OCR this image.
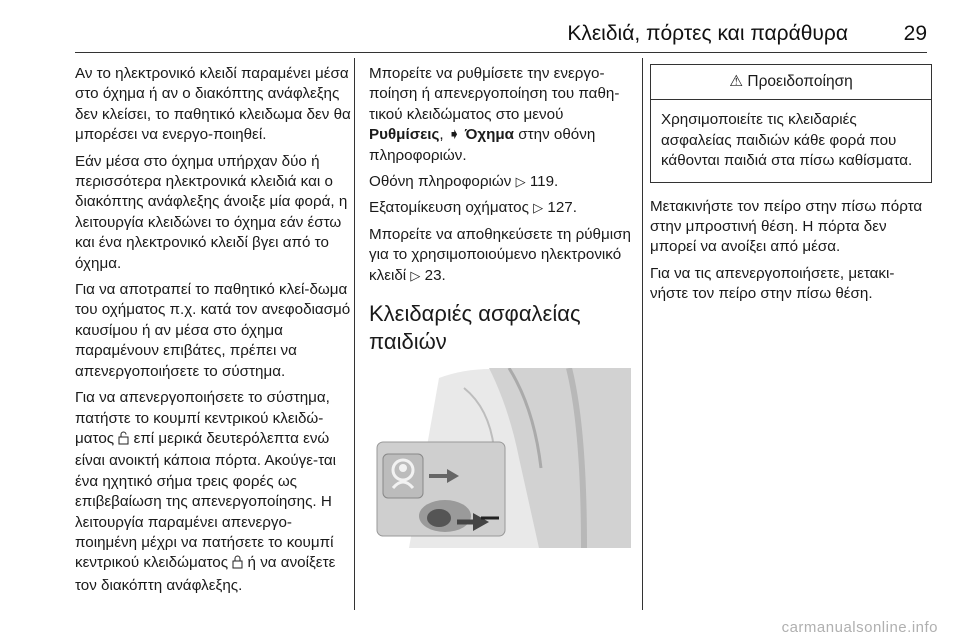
Κλειδιά, πόρτες και παράθυρα	29

Αν το ηλεκτρονικό κλειδί παραμένει μέσα στο όχημα ή αν ο διακόπτης ανάφλεξης δεν κλείσει, το παθητικό κλειδωμα δεν θα μπορέσει να ενεργο-ποιηθεί.

Εάν μέσα στο όχημα υπήρχαν δύο ή περισσότερα ηλεκτρονικά κλειδιά και ο διακόπτης ανάφλεξης άνοιξε μία φορά, η λειτουργία κλειδώνει το όχημα εάν έστω και ένα ηλεκτρονικό κλειδί βγει από το όχημα.

Για να αποτραπεί το παθητικό κλεί-δωμα του οχήματος π.χ. κατά τον ανεφοδιασμό καυσίμου ή αν μέσα στο όχημα παραμένουν επιβάτες, πρέπει να απενεργοποιήσετε το σύστημα.

Για να απενεργοποιήσετε το σύστημα, πατήστε το κουμπί κεντρικού κλειδώ-ματος επί μερικά δευτερόλεπτα ενώ είναι ανοικτή κάποια πόρτα. Ακούγε-ται ένα ηχητικό σήμα τρεις φορές ως επιβεβαίωση της απενεργοποίησης. Η λειτουργία παραμένει απενεργο-ποιημένη μέχρι να πατήσετε το κουμπί κεντρικού κλειδώματος ή να ανοίξετε τον διακόπτη ανάφλεξης.

Μπορείτε να ρυθμίσετε την ενεργο-ποίηση ή απενεργοποίηση του παθη-τικού κλειδώματος στο μενού Ρυθμίσεις, ➧ Όχημα στην οθόνη πληροφοριών.

Οθόνη πληροφοριών ▷ 119.

Εξατομίκευση οχήματος ▷ 127.

Μπορείτε να αποθηκεύσετε τη ρύθμιση για το χρησιμοποιούμενο ηλεκτρονικό κλειδί ▷ 23.

Κλειδαριές ασφαλείας παιδιών
⚠ Προειδοποίηση
Χρησιμοποιείτε τις κλειδαριές ασφαλείας παιδιών κάθε φορά που κάθονται παιδιά στα πίσω καθίσματα.

Μετακινήστε τον πείρο στην πίσω πόρτα στην μπροστινή θέση. Η πόρτα δεν μπορεί να ανοίξει από μέσα.

Για να τις απενεργοποιήσετε, μετακι-νήστε τον πείρο στην πίσω θέση.

carmanualsonline.info
